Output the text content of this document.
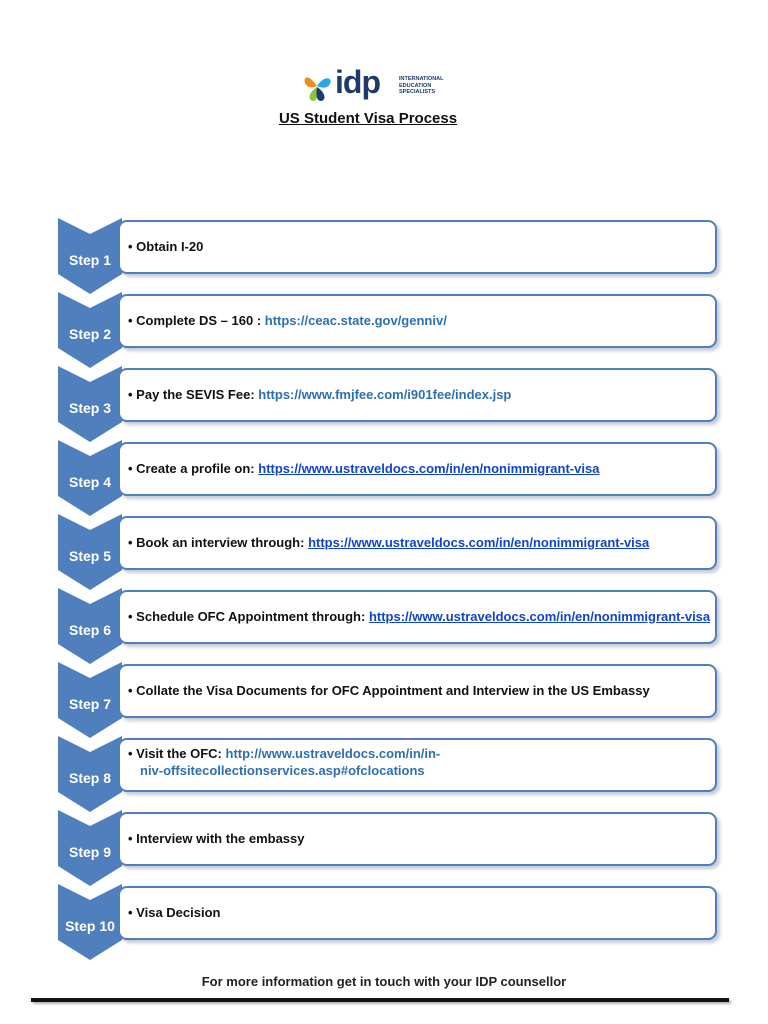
idp	INTERNATIONAL EDUCATION SPECIALISTS
US Student Visa Process
Step 1
• Obtain I-20
Step 2
• Complete DS – 160 : https://ceac.state.gov/genniv/
Step 3
• Pay the SEVIS Fee: https://www.fmjfee.com/i901fee/index.jsp
Step 4
• Create a profile on: https://www.ustraveldocs.com/in/en/nonimmigrant-visa
Step 5
• Book an interview through: https://www.ustraveldocs.com/in/en/nonimmigrant-visa
Step 6
• Schedule OFC Appointment through: https://www.ustraveldocs.com/in/en/nonimmigrant-visa
Step 7
• Collate the Visa Documents for OFC Appointment and Interview in the US Embassy
Step 8
• Visit the OFC: http://www.ustraveldocs.com/in/in-
niv-offsitecollectionservices.asp#ofclocations
Step 9
• Interview with the embassy
Step 10
• Visa Decision
For more information get in touch with your IDP counsellor
